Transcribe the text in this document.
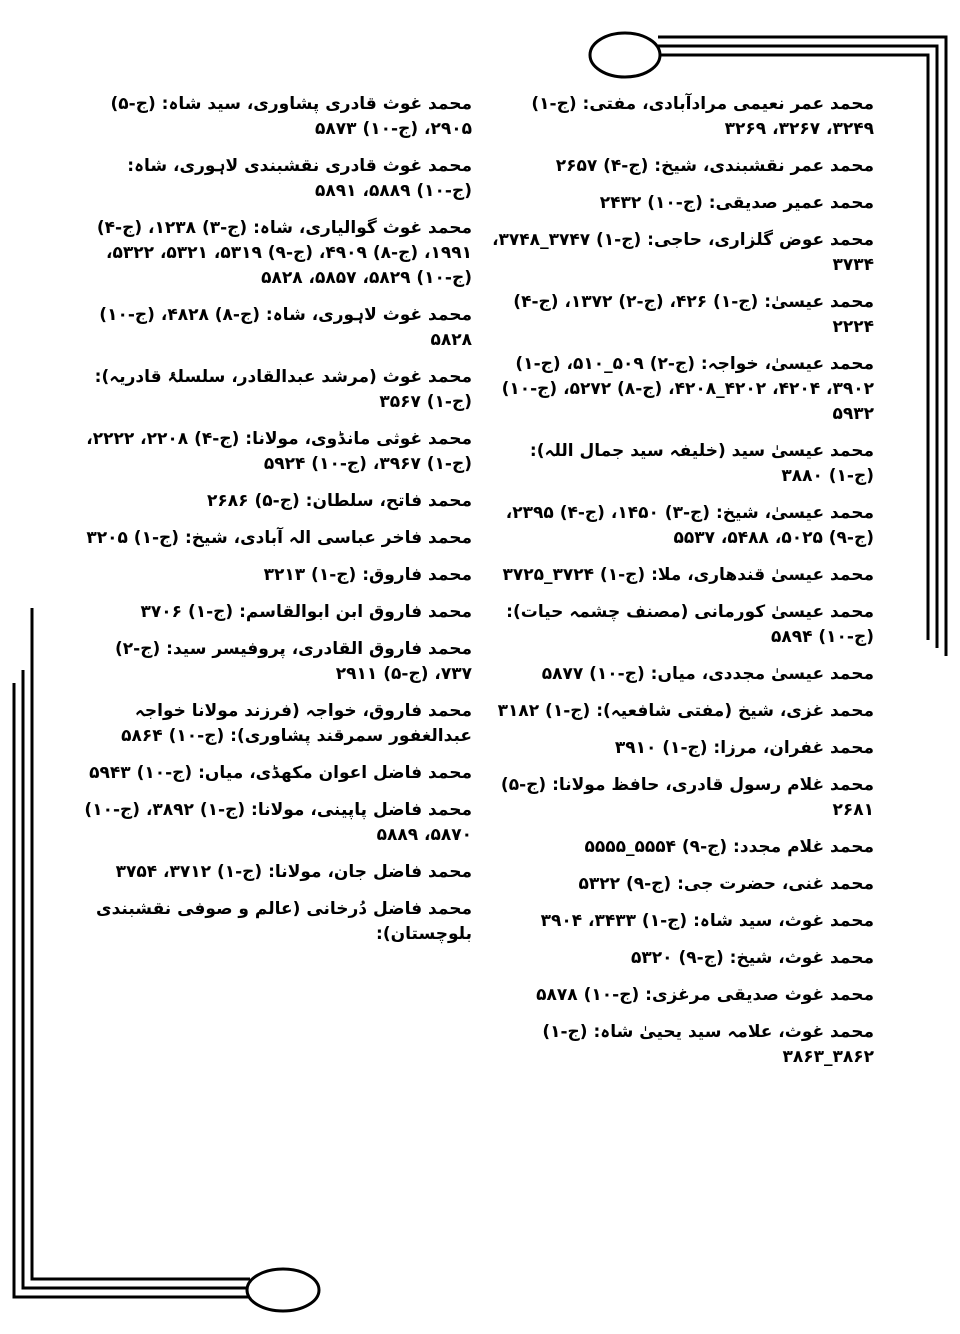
محمد عمر نعیمی مرادآبادی، مفتی: (ج-۱) ۳۲۴۹، ۳۲۶۷، ۳۲۶۹
محمد عمر نقشبندی، شیخ: (ج-۴) ۲۶۵۷
محمد عمیر صدیقی: (ج-۱۰) ۲۴۳۲
محمد عوض گلزاری، حاجی: (ج-۱) ۳۷۴۷_۳۷۴۸، ۳۷۳۴
محمد عیسیٰ: (ج-۱) ۴۲۶، (ج-۲) ۱۳۷۲، (ج-۴) ۲۲۲۴
محمد عیسیٰ، خواجہ: (ج-۲) ۵۰۹_۵۱۰، (ج-۱) ۳۹۰۲، ۴۲۰۴، ۴۲۰۲_۴۲۰۸، (ج-۸) ۵۲۷۲، (ج-۱۰) ۵۹۳۲
محمد عیسیٰ سید (خلیفہ سید جمال اللہ): (ج-۱) ۳۸۸۰
محمد عیسیٰ، شیخ: (ج-۳) ۱۴۵۰، (ج-۴) ۲۳۹۵، (ج-۹) ۵۰۲۵، ۵۴۸۸، ۵۵۳۷
محمد عیسیٰ قندھاری، ملا: (ج-۱) ۳۷۲۴_۳۷۲۵
محمد عیسیٰ کورمانی (مصنف چشمہ حیات): (ج-۱۰) ۵۸۹۴
محمد عیسیٰ مجددی، میاں: (ج-۱۰) ۵۸۷۷
محمد غزی، شیخ (مفتی شافعیہ): (ج-۱) ۳۱۸۲
محمد غفران، مرزا: (ج-۱) ۳۹۱۰
محمد غلام رسول قادری، حافظ مولانا: (ج-۵) ۲۶۸۱
محمد غلام مجدد: (ج-۹) ۵۵۵۴_۵۵۵۵
محمد غنی، حضرت جی: (ج-۹) ۵۳۲۲
محمد غوث، سید شاہ: (ج-۱) ۳۴۳۳، ۳۹۰۴
محمد غوث، شیخ: (ج-۹) ۵۳۲۰
محمد غوث صدیقی مرغزی: (ج-۱۰) ۵۸۷۸
محمد غوث، علامہ سید یحییٰ شاہ: (ج-۱) ۳۸۶۲_۳۸۶۳
محمد غوث قادری پشاوری، سید شاہ: (ج-۵) ۲۹۰۵، (ج-۱۰) ۵۸۷۳
محمد غوث قادری نقشبندی لاہوری، شاہ: (ج-۱۰) ۵۸۸۹، ۵۸۹۱
محمد غوث گوالیاری، شاہ: (ج-۳) ۱۲۳۸، (ج-۴) ۱۹۹۱، (ج-۸) ۴۹۰۹، (ج-۹) ۵۳۱۹، ۵۳۲۱، ۵۳۲۲، (ج-۱۰) ۵۸۲۹، ۵۸۵۷، ۵۸۲۸
محمد غوث لاہوری، شاہ: (ج-۸) ۴۸۲۸، (ج-۱۰) ۵۸۲۸
محمد غوث (مرشد عبدالقادر، سلسلۂ قادریہ): (ج-۱) ۳۵۶۷
محمد غوثی مانڈوی، مولانا: (ج-۴) ۲۲۰۸، ۲۲۲۲، (ج-۱) ۳۹۶۷، (ج-۱۰) ۵۹۲۴
محمد فاتح، سلطان: (ج-۵) ۲۶۸۶
محمد فاخر عباسی الہ آبادی، شیخ: (ج-۱) ۳۲۰۵
محمد فاروق: (ج-۱) ۳۲۱۳
محمد فاروق ابن ابوالقاسم: (ج-۱) ۳۷۰۶
محمد فاروق القادری، پروفیسر سید: (ج-۲) ۷۳۷، (ج-۵) ۲۹۱۱
محمد فاروق، خواجہ (فرزند مولانا خواجہ عبدالغفور سمرقند پشاوری): (ج-۱۰) ۵۸۶۴
محمد فاضل اعوان مکھڈی، میاں: (ج-۱۰) ۵۹۴۳
محمد فاضل پاپینی، مولانا: (ج-۱) ۳۸۹۲، (ج-۱۰) ۵۸۷۰، ۵۸۸۹
محمد فاضل جان، مولانا: (ج-۱) ۳۷۱۲، ۳۷۵۴
محمد فاضل دُرخانی (عالم و صوفی نقشبندی بلوچستان):
